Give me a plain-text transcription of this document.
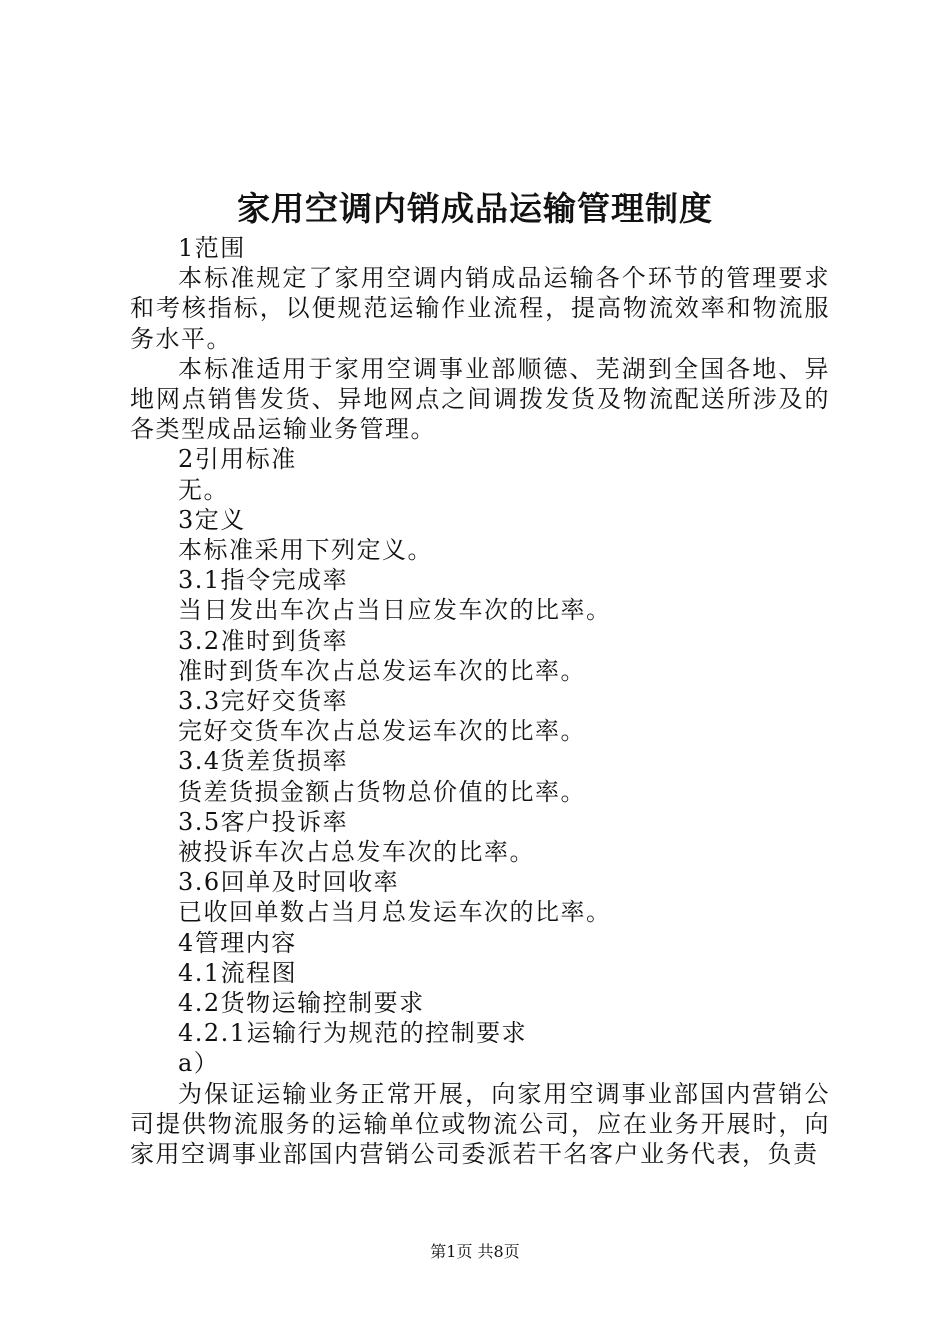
家用空调内销成品运输管理制度
1范围

本标准规定了家用空调内销成品运输各个环节的管理要求和考核指标，以便规范运输作业流程，提高物流效率和物流服务水平。

本标准适用于家用空调事业部顺德、芜湖到全国各地、异地网点销售发货、异地网点之间调拨发货及物流配送所涉及的各类型成品运输业务管理。

2引用标准
无。
3定义
本标准采用下列定义。
3.1指令完成率
当日发出车次占当日应发车次的比率。
3.2准时到货率
准时到货车次占总发运车次的比率。
3.3完好交货率
完好交货车次占总发运车次的比率。
3.4货差货损率
货差货损金额占货物总价值的比率。
3.5客户投诉率
被投诉车次占总发车次的比率。
3.6回单及时回收率
已收回单数占当月总发运车次的比率。
4管理内容
4.1流程图
4.2货物运输控制要求
4.2.1运输行为规范的控制要求
a）

为保证运输业务正常开展，向家用空调事业部国内营销公司提供物流服务的运输单位或物流公司，应在业务开展时，向家用空调事业部国内营销公司委派若干名客户业务代表，负责

第1页 共8页
